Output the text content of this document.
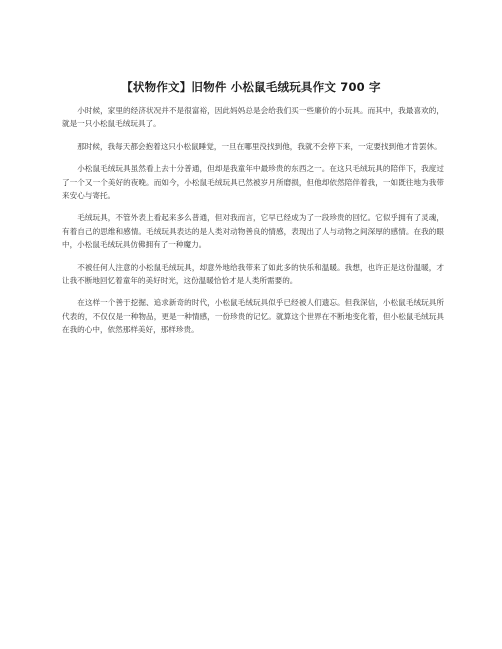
【状物作文】旧物件 小松鼠毛绒玩具作文 700 字

小时候，家里的经济状况并不是很富裕，因此妈妈总是会给我们买一些廉价的小玩具。而其中，我最喜欢的，就是一只小松鼠毛绒玩具了。

那时候，我每天都会抱着这只小松鼠睡觉，一旦在哪里没找到他，我就不会停下来，一定要找到他才肯罢休。

小松鼠毛绒玩具虽然看上去十分普通，但却是我童年中最珍贵的东西之一。在这只毛绒玩具的陪伴下，我度过了一个又一个美好的夜晚。而如今，小松鼠毛绒玩具已然被岁月所磨损，但他却依然陪伴着我，一如既往地为我带来安心与寄托。

毛绒玩具，不管外表上看起来多么普通，但对我而言，它早已经成为了一段珍贵的回忆。它似乎拥有了灵魂，有着自己的思维和感情。毛绒玩具表达的是人类对动物善良的情感，表现出了人与动物之间深厚的感情。在我的眼中，小松鼠毛绒玩具仿佛拥有了一种魔力。

不被任何人注意的小松鼠毛绒玩具，却意外地给我带来了如此多的快乐和温暖。我想，也许正是这份温暖，才让我不断地回忆着童年的美好时光，这份温暖恰恰才是人类所需要的。

在这样一个善于挖掘、追求新奇的时代，小松鼠毛绒玩具似乎已经被人们遗忘。但我深信，小松鼠毛绒玩具所代表的，不仅仅是一种物品，更是一种情感，一份珍贵的记忆。就算这个世界在不断地变化着，但小松鼠毛绒玩具在我的心中，依然那样美好，那样珍贵。
